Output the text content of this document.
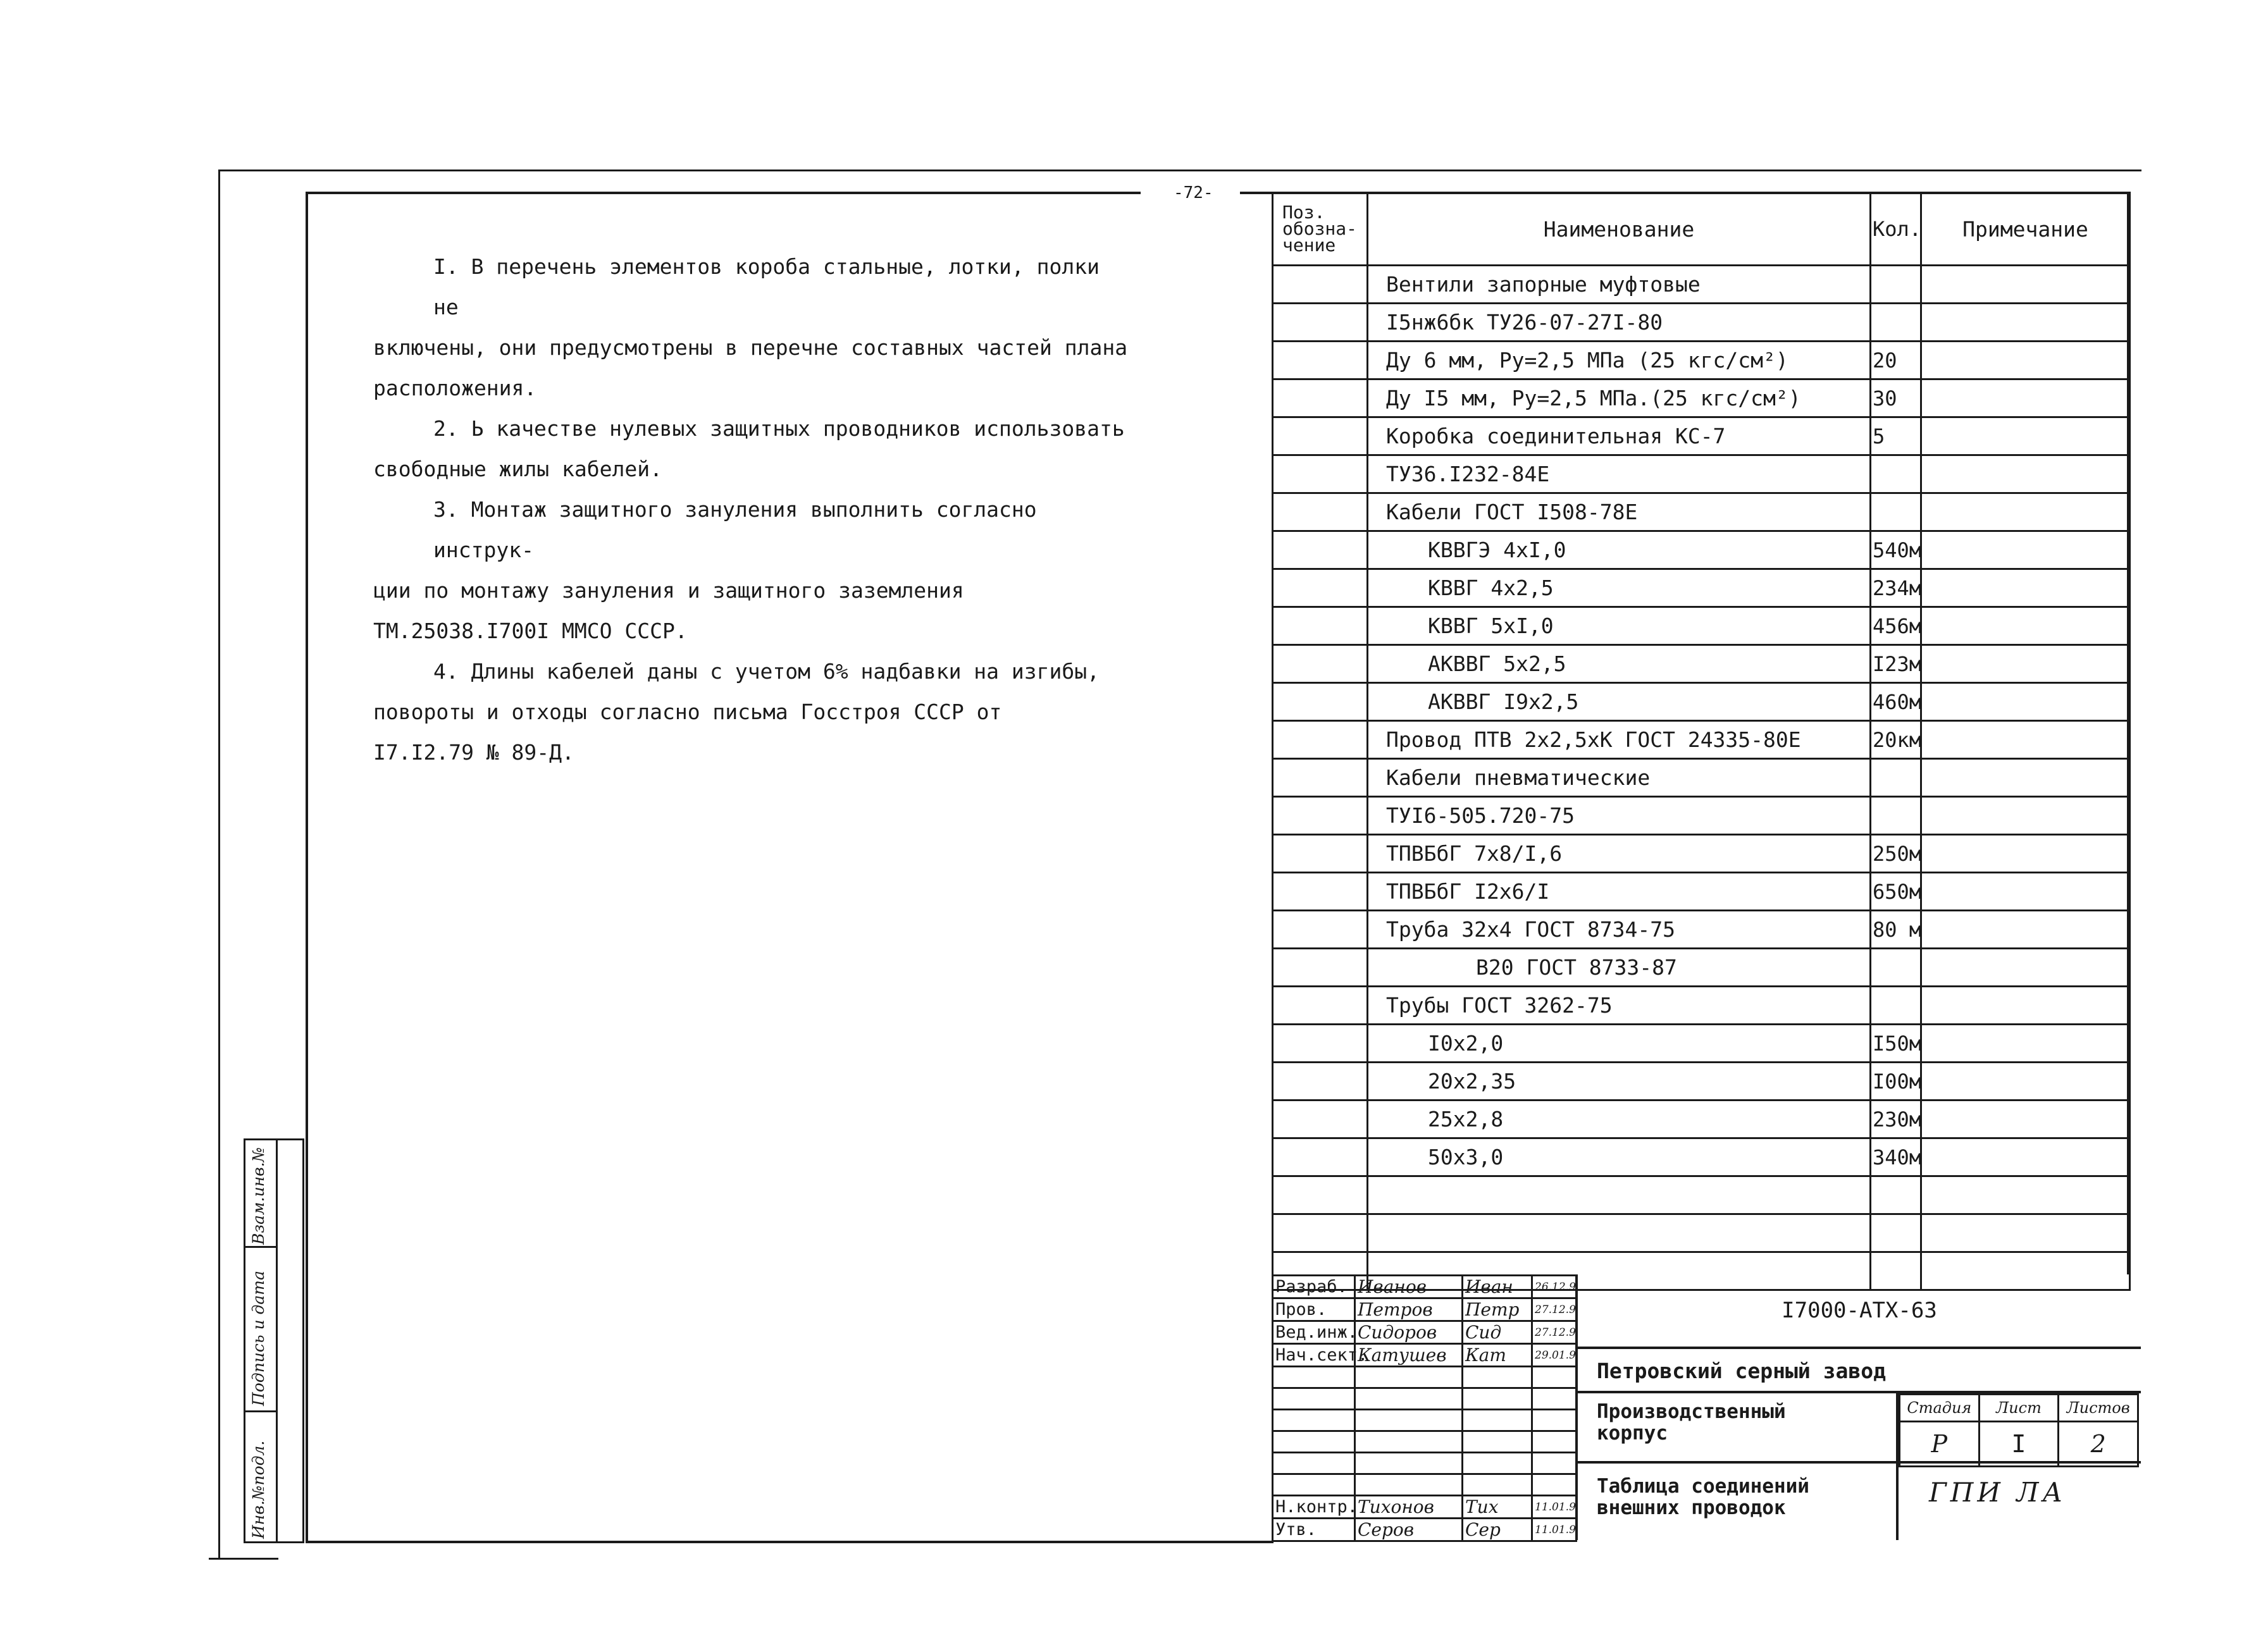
-72-

I. В перечень элементов короба стальные, лотки, полки не

включены, они предусмотрены в перечне составных частей плана

расположения.

2. Ь качестве нулевых защитных проводников использовать

свободные жилы кабелей.

3. Монтаж защитного зануления выполнить согласно инструк-

ции по монтажу зануления и защитного заземления

ТМ.25038.I700I ММСО СССР.

4. Длины кабелей даны с учетом 6% надбавки на изгибы,

повороты и отходы согласно письма Госстроя СССР от

I7.I2.79 № 89-Д.

Поз.
обозна-
чение	Наименование	Кол.	Примечание
	Вентили запорные муфтовые		
	I5нж6бк ТУ26-07-27I-80		
	Ду 6 мм, Ру=2,5 МПа (25 кгс/см²)	20	
	Ду I5 мм, Ру=2,5 МПа.(25 кгс/см²)	30	
	Коробка соединительная КС-7	5	
	ТУ36.I232-84Е		
	Кабели ГОСТ I508-78Е		
	КВВГЭ 4хI,0	540м	
	КВВГ 4х2,5	234м	
	КВВГ 5хI,0	456м	
	АКВВГ 5х2,5	I23м	
	АКВВГ I9х2,5	460м	
	Провод ПТВ 2х2,5хК ГОСТ 24335-80Е	20км	
	Кабели пневматические		
	ТУI6-505.720-75		
	ТПВБбГ 7х8/I,6	250м	
	ТПВБбГ I2х6/I	650м	
	Труба 32х4 ГОСТ 8734-75	80 м	
	В20 ГОСТ 8733-87		
	Трубы ГОСТ 3262-75		
	I0х2,0	I50м	
	20х2,35	I00м	
	25х2,8	230м	
	50х3,0	340м	

Разраб.	Иванов	Иван	26.12.9
Пров.	Петров	Петр	27.12.9
Вед.инж.	Сидоров	Сид	27.12.9
Нач.сект.	Катушев	Кат	29.01.9

Н.контр.	Тихонов	Тих	11.01.9
Утв.	Серов	Сер	11.01.9
I7000-АТХ-63
Петровский серный завод
Производственный
корпус
Таблица соединений
внешних проводок
Стадия	Лист	Листов
Р	I	2
ГПИ ЛА
Взам.инв.№
Подпись и дата
Инв.№подл.
